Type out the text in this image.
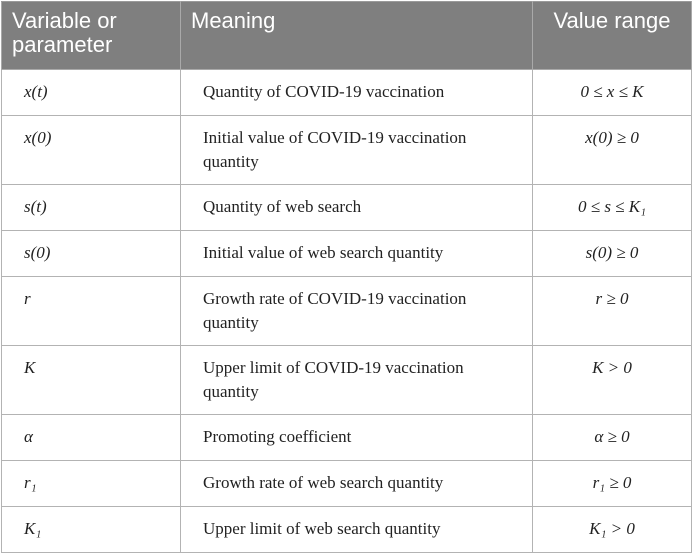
Variable or parameter	Meaning	Value range
x(t)	Quantity of COVID-19 vaccination	0 ≤ x ≤ K
x(0)	Initial value of COVID-19 vaccination quantity	x(0) ≥ 0
s(t)	Quantity of web search	0 ≤ s ≤ K₁
s(0)	Initial value of web search quantity	s(0) ≥ 0
r	Growth rate of COVID-19 vaccination quantity	r ≥ 0
K	Upper limit of COVID-19 vaccination quantity	K > 0
α	Promoting coefficient	α ≥ 0
r₁	Growth rate of web search quantity	r₁ ≥ 0
K₁	Upper limit of web search quantity	K₁ > 0
